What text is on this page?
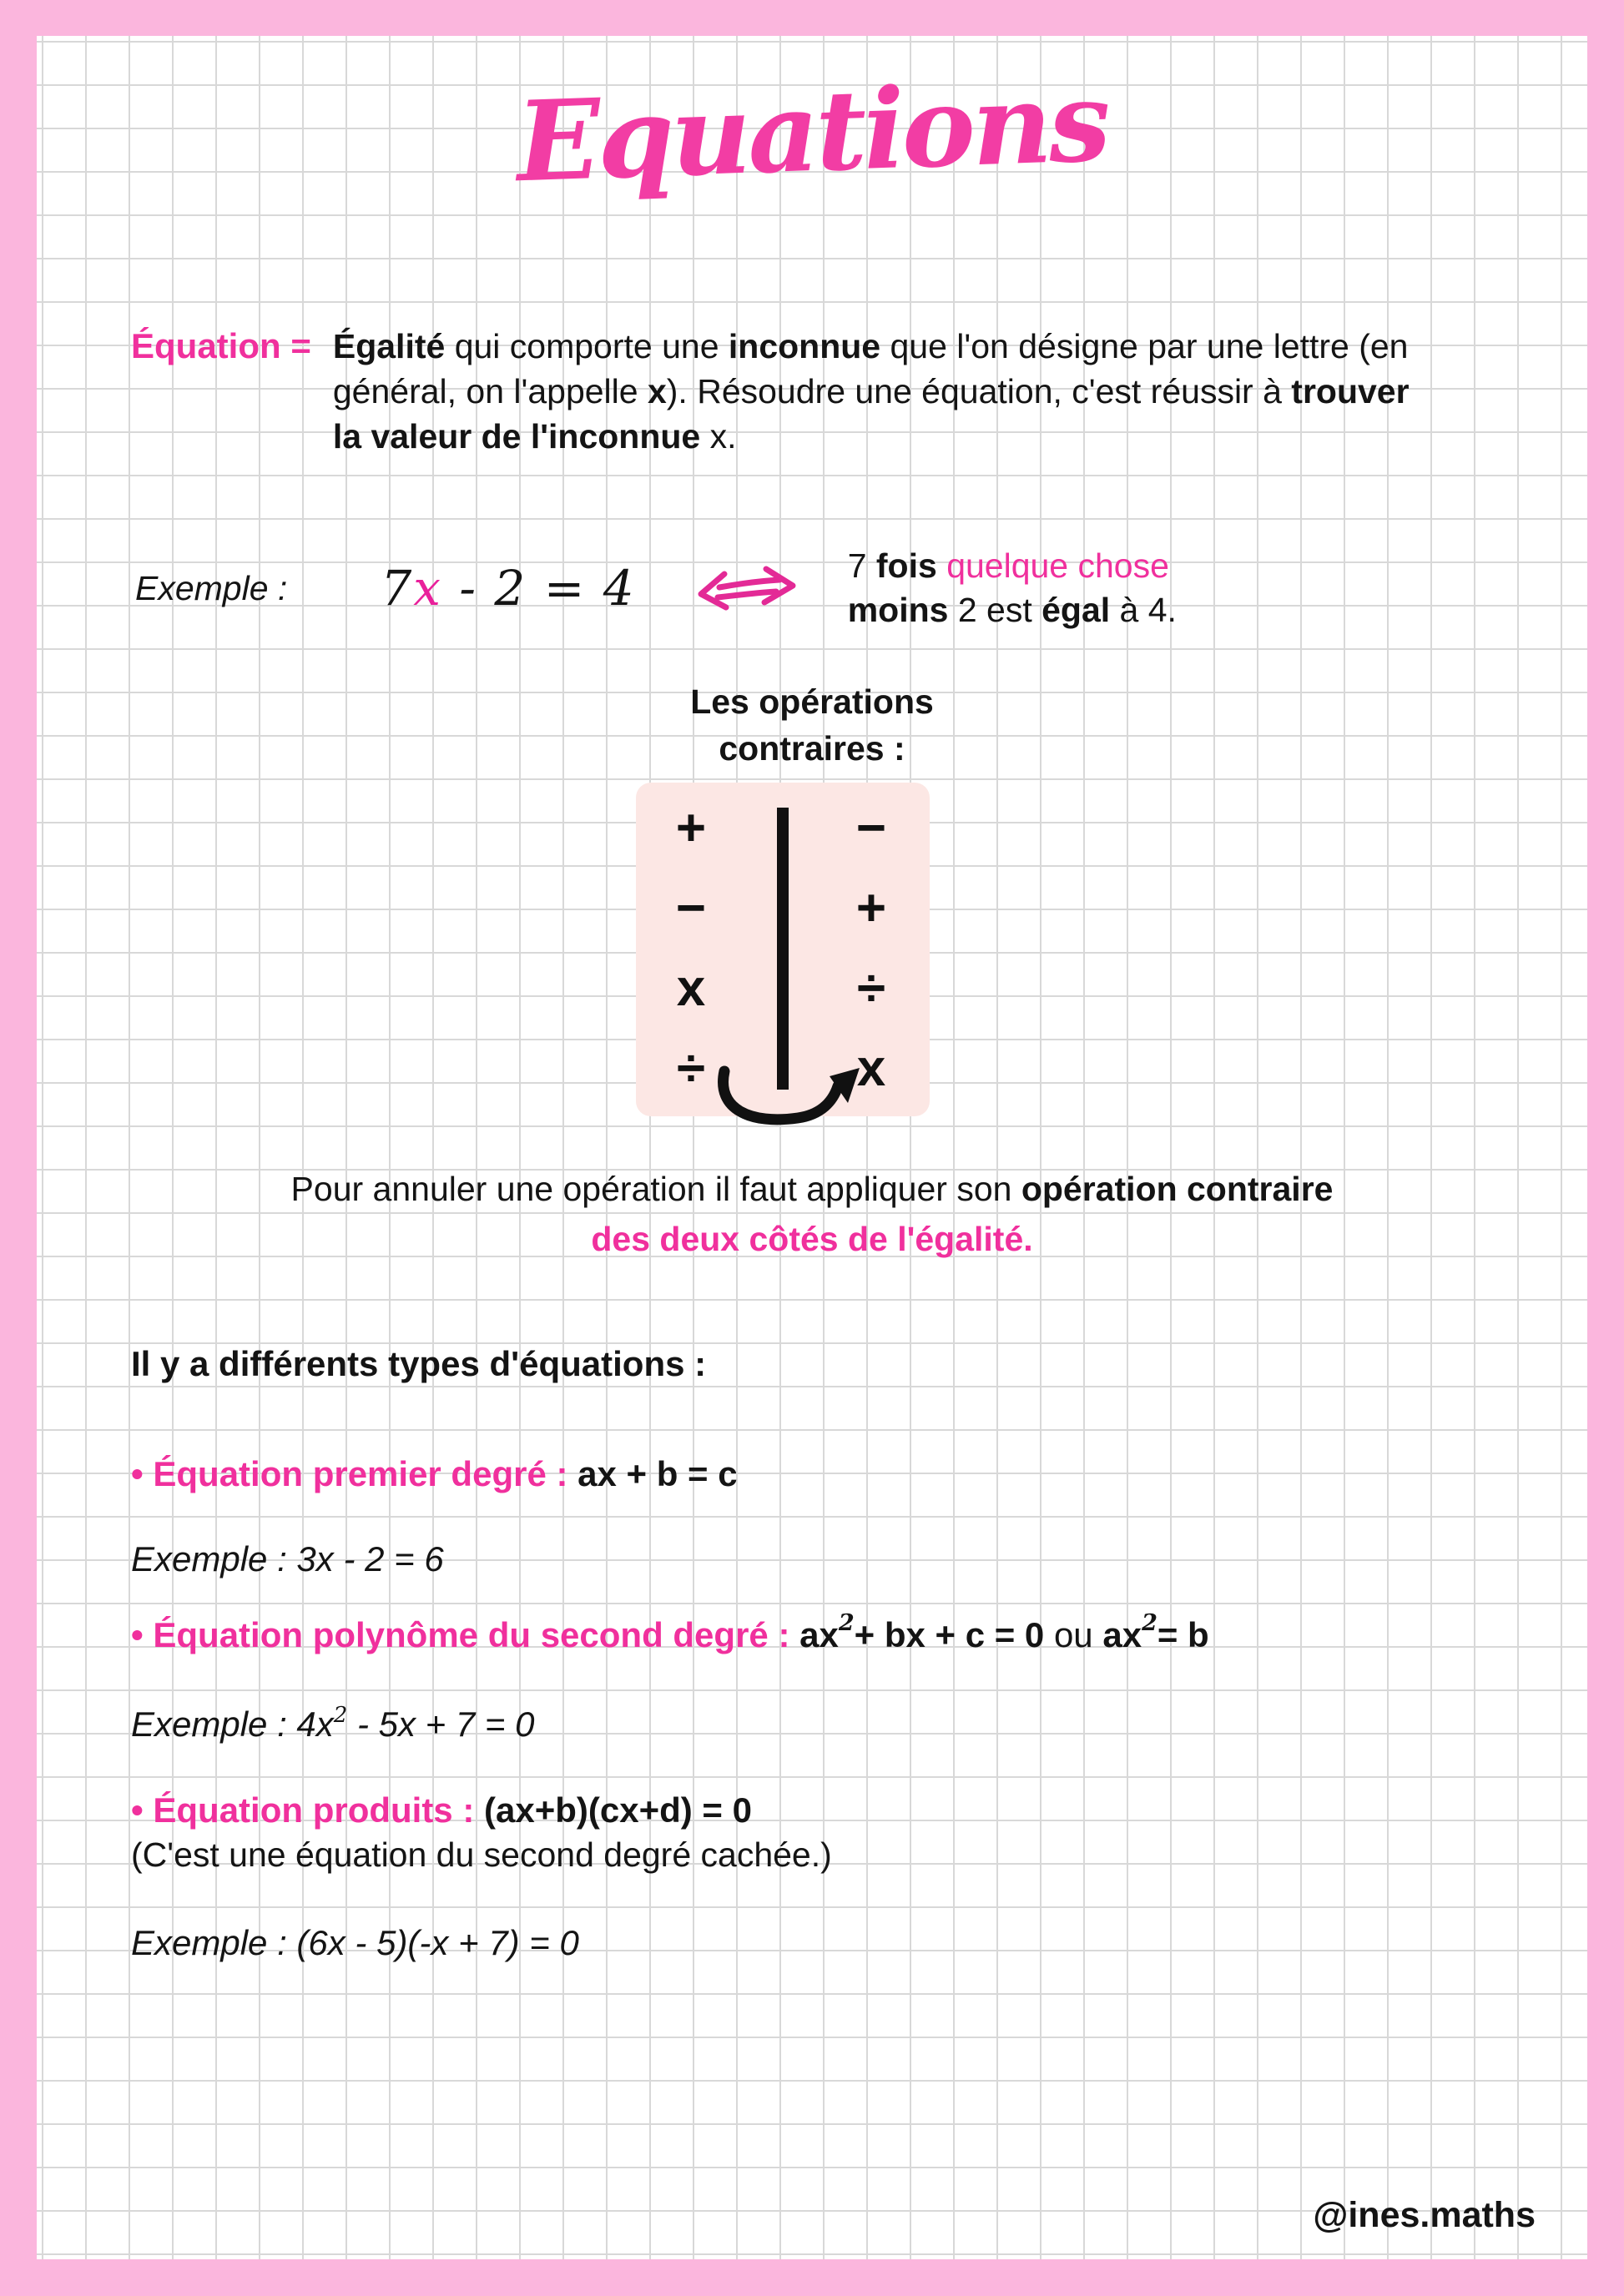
Equations
Équation = Égalité qui comporte une inconnue que l'on désigne par une lettre (en général, on l'appelle x). Résoudre une équation, c'est réussir à trouver la valeur de l'inconnue x.

Exemple : 7x - 2 = 4	7 fois quelque chose
moins 2 est égal à 4.
Les opérations
contraires :
+
−
x
÷
−
+
÷
x
Pour annuler une opération il faut appliquer son opération contraire
des deux côtés de l'égalité.
Il y a différents types d'équations :
• Équation premier degré : ax + b = c
Exemple : 3x - 2 = 6
• Équation polynôme du second degré : ax2+ bx + c = 0 ou ax2= b
Exemple : 4x2 - 5x + 7 = 0
• Équation produits : (ax+b)(cx+d) = 0
(C'est une équation du second degré cachée.)
Exemple : (6x - 5)(-x + 7) = 0
@ines.maths
